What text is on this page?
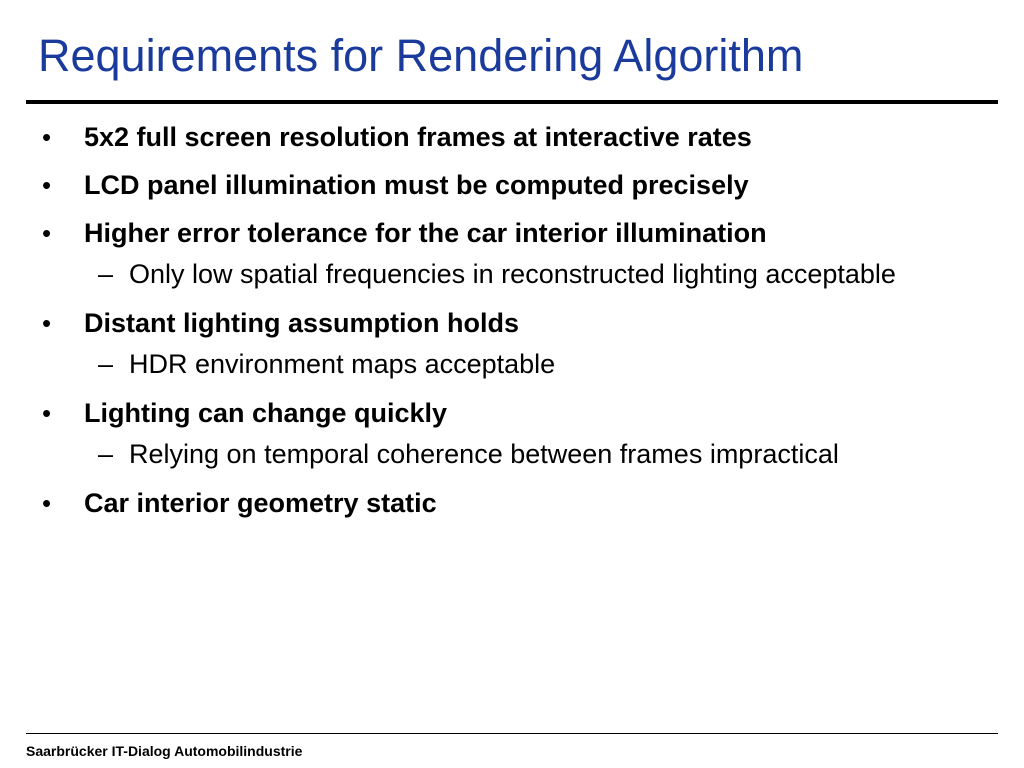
Requirements for Rendering Algorithm
•	5x2 full screen resolution frames at interactive rates
•	LCD panel illumination must be computed precisely
•	Higher error tolerance for the car interior illumination
– Only low spatial frequencies in reconstructed lighting acceptable
•	Distant lighting assumption holds
– HDR environment maps acceptable
•	Lighting can change quickly
– Relying on temporal coherence between frames impractical
•	Car interior geometry static
Saarbrücker IT-Dialog Automobilindustrie
